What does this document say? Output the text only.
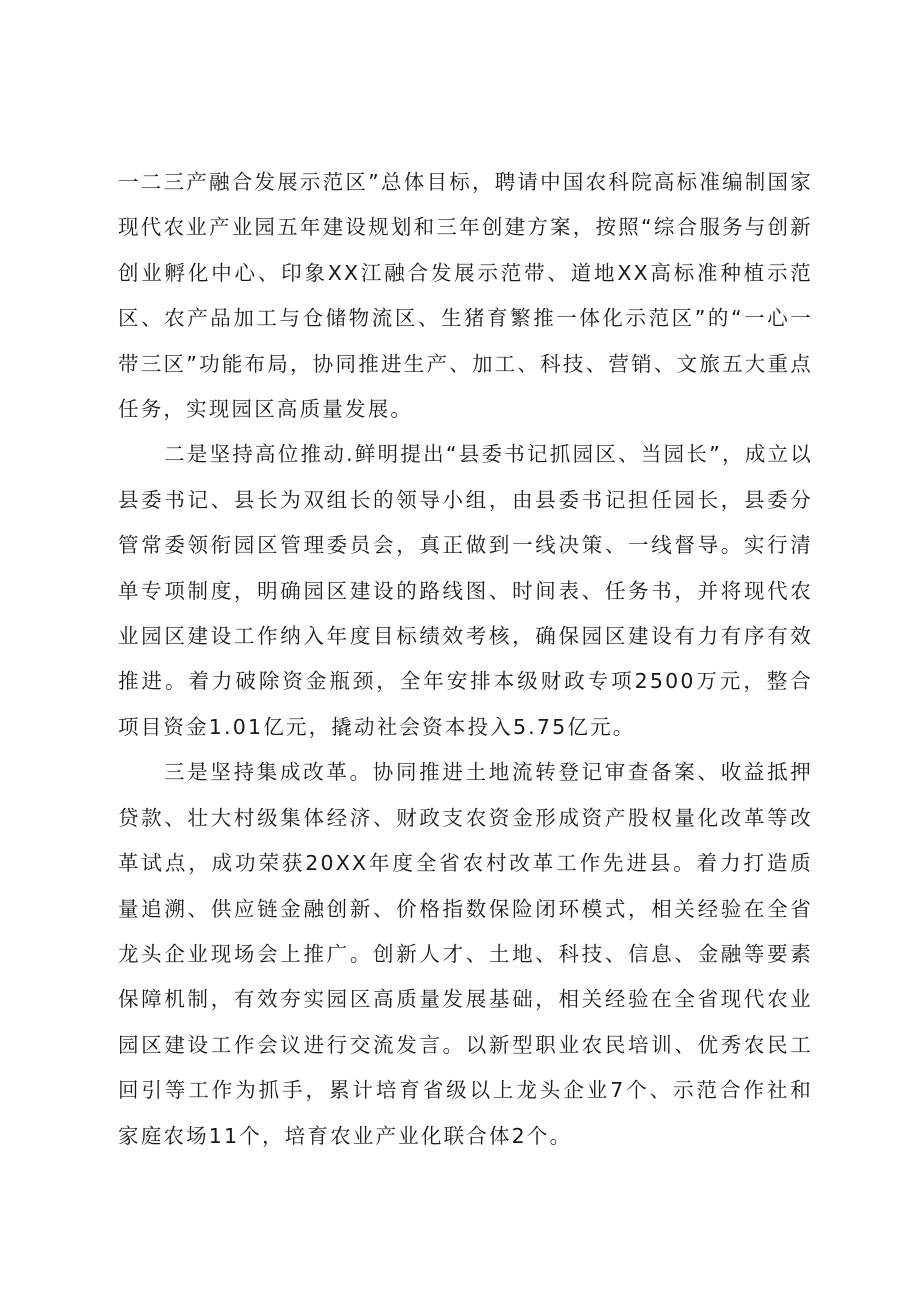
一二三产融合发展示范区”总体目标，聘请中国农科院高标准编制国家现代农业产业园五年建设规划和三年创建方案，按照“综合服务与创新创业孵化中心、印象XX江融合发展示范带、道地XX高标准种植示范区、农产品加工与仓储物流区、生猪育繁推一体化示范区”的“一心一带三区”功能布局，协同推进生产、加工、科技、营销、文旅五大重点任务，实现园区高质量发展。

二是坚持高位推动.鲜明提出“县委书记抓园区、当园长”，成立以县委书记、县长为双组长的领导小组，由县委书记担任园长，县委分管常委领衔园区管理委员会，真正做到一线决策、一线督导。实行清单专项制度，明确园区建设的路线图、时间表、任务书，并将现代农业园区建设工作纳入年度目标绩效考核，确保园区建设有力有序有效推进。着力破除资金瓶颈，全年安排本级财政专项2500万元，整合项目资金1.01亿元，撬动社会资本投入5.75亿元。

三是坚持集成改革。协同推进土地流转登记审查备案、收益抵押贷款、壮大村级集体经济、财政支农资金形成资产股权量化改革等改革试点，成功荣获20XX年度全省农村改革工作先进县。着力打造质量追溯、供应链金融创新、价格指数保险闭环模式，相关经验在全省龙头企业现场会上推广。创新人才、土地、科技、信息、金融等要素保障机制，有效夯实园区高质量发展基础，相关经验在全省现代农业园区建设工作会议进行交流发言。以新型职业农民培训、优秀农民工回引等工作为抓手，累计培育省级以上龙头企业7个、示范合作社和家庭农场11个，培育农业产业化联合体2个。
